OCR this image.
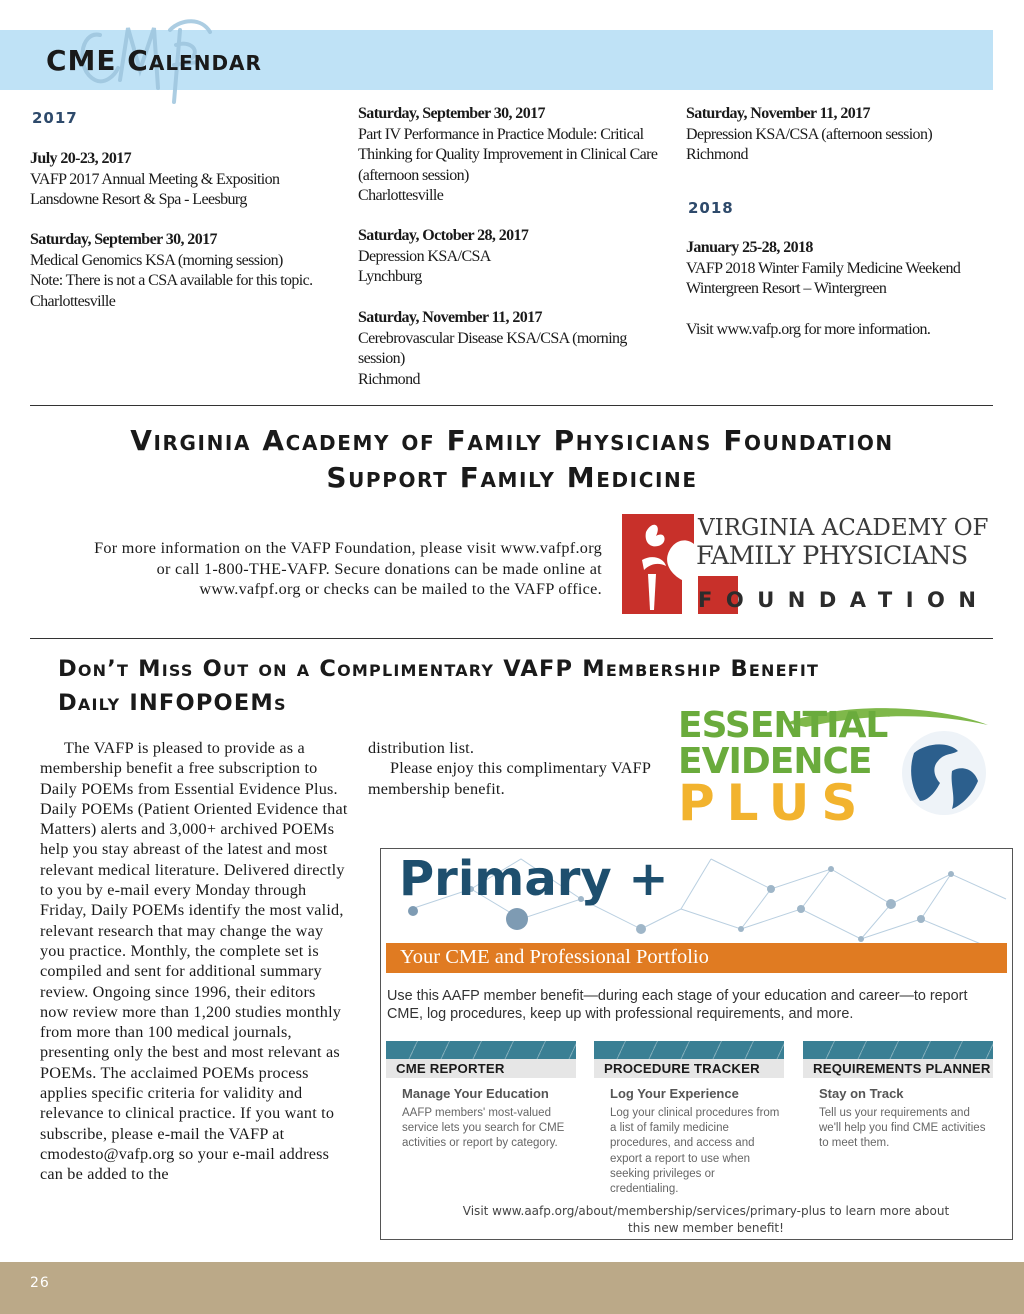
CME Calendar
2017
July 20-23, 2017
VAFP 2017 Annual Meeting & Exposition
Lansdowne Resort & Spa - Leesburg
Saturday, September 30, 2017
Medical Genomics KSA (morning session)
Note: There is not a CSA available for this topic.
Charlottesville
Saturday, September 30, 2017
Part IV Performance in Practice Module: Critical Thinking for Quality Improvement in Clinical Care (afternoon session)
Charlottesville
Saturday, October 28, 2017
Depression KSA/CSA
Lynchburg
Saturday, November 11, 2017
Cerebrovascular Disease KSA/CSA (morning session)
Richmond
Saturday, November 11, 2017
Depression KSA/CSA (afternoon session)
Richmond
2018
January 25-28, 2018
VAFP 2018 Winter Family Medicine Weekend
Wintergreen Resort – Wintergreen
Visit www.vafp.org for more information.
Virginia Academy of Family Physicians Foundation
Support Family Medicine
For more information on the VAFP Foundation, please visit www.vafpf.org or call 1-800-THE-VAFP. Secure donations can be made online at www.vafpf.org or checks can be mailed to the VAFP office.
VIRGINIA ACADEMY OF
FAMILY PHYSICIANS
FOUNDATION
Don’t Miss Out on a Complimentary VAFP Membership Benefit
Daily INFOPOEMs

The VAFP is pleased to provide as a membership benefit a free subscription to Daily POEMs from Essential Evidence Plus. Daily POEMs (Patient Oriented Evidence that Matters) alerts and 3,000+ archived POEMs help you stay abreast of the latest and most relevant medical literature. Delivered directly to you by e-mail every Monday through Friday, Daily POEMs identify the most valid, relevant research that may change the way you practice. Monthly, the complete set is compiled and sent for additional summary review. Ongoing since 1996, their editors now review more than 1,200 studies monthly from more than 100 medical journals, presenting only the best and most relevant as POEMs. The acclaimed POEMs process applies specific criteria for validity and relevance to clinical practice. If you want to subscribe, please e-mail the VAFP at cmodesto@vafp.org so your e-mail address can be added to the

distribution list.

Please enjoy this complimentary VAFP membership benefit.

ESSENTIAL
EVIDENCE
PLUS
Primary +
Your CME and Professional Portfolio
Use this AAFP member benefit—during each stage of your education and career—to report CME, log procedures, keep up with professional requirements, and more.
CME REPORTER
Manage Your Education
AAFP members' most-valued service lets you search for CME activities or report by category.
PROCEDURE TRACKER
Log Your Experience
Log your clinical procedures from a list of family medicine procedures, and access and export a report to use when seeking privileges or credentialing.
REQUIREMENTS PLANNER
Stay on Track
Tell us your requirements and we'll help you find CME activities to meet them.
Visit www.aafp.org/about/membership/services/primary-plus to learn more about this new member benefit!
26
